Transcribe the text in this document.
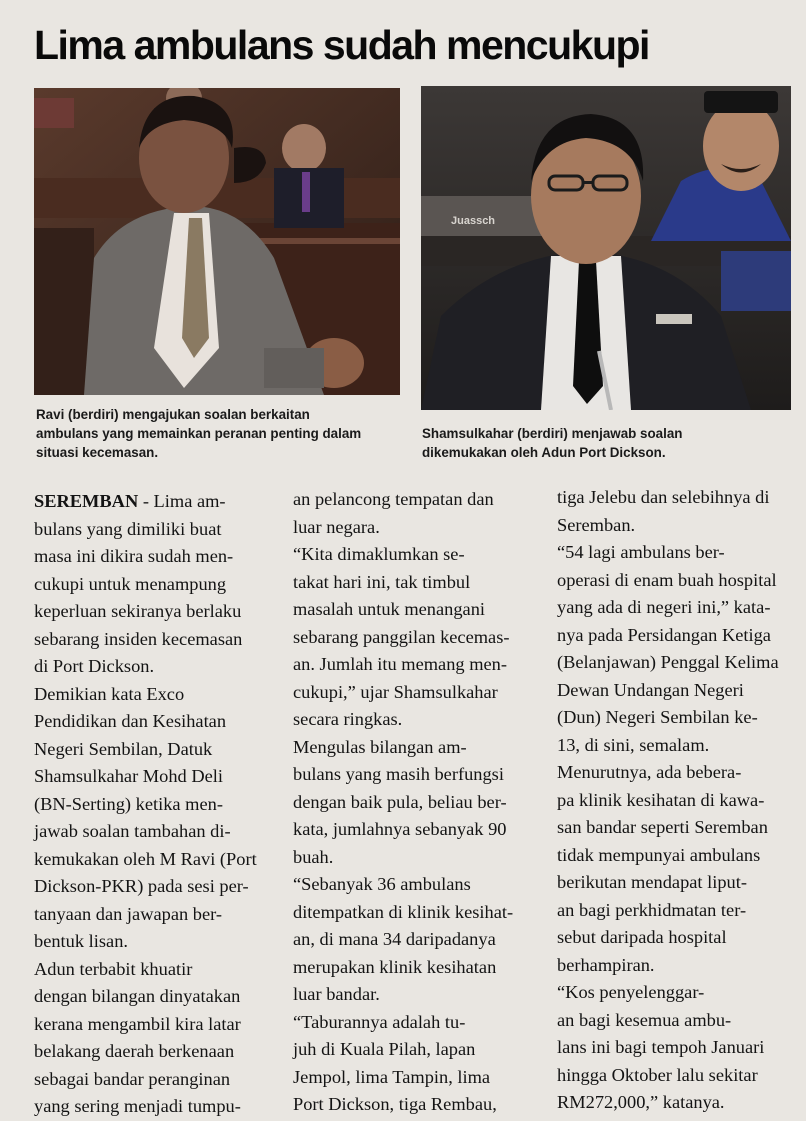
Lima ambulans sudah mencukupi
Juassch

Ravi (berdiri) mengajukan soalan berkaitan
ambulans yang memainkan peranan penting dalam
situasi kecemasan.

Shamsulkahar (berdiri) menjawab soalan
dikemukakan oleh Adun Port Dickson.

SEREMBAN - Lima am-
bulans yang dimiliki buat
masa ini dikira sudah men-
cukupi untuk menampung
keperluan sekiranya berlaku
sebarang insiden kecemasan
di Port Dickson.

Demikian kata Exco
Pendidikan dan Kesihatan
Negeri Sembilan, Datuk
Shamsulkahar Mohd Deli
(BN-Serting) ketika men-
jawab soalan tambahan di-
kemukakan oleh M Ravi (Port
Dickson-PKR) pada sesi per-
tanyaan dan jawapan ber-
bentuk lisan.

Adun terbabit khuatir
dengan bilangan dinyatakan
kerana mengambil kira latar
belakang daerah berkenaan
sebagai bandar peranginan
yang sering menjadi tumpu-

an pelancong tempatan dan
luar negara.

“Kita dimaklumkan se-
takat hari ini, tak timbul
masalah untuk menangani
sebarang panggilan kecemas-
an. Jumlah itu memang men-
cukupi,” ujar Shamsulkahar
secara ringkas.

Mengulas bilangan am-
bulans yang masih berfungsi
dengan baik pula, beliau ber-
kata, jumlahnya sebanyak 90
buah.

“Sebanyak 36 ambulans
ditempatkan di klinik kesihat-
an, di mana 34 daripadanya
merupakan klinik kesihatan
luar bandar.

“Taburannya adalah tu-
juh di Kuala Pilah, lapan
Jempol, lima Tampin, lima
Port Dickson, tiga Rembau,

tiga Jelebu dan selebihnya di
Seremban.

“54 lagi ambulans ber-
operasi di enam buah hospital
yang ada di negeri ini,” kata-
nya pada Persidangan Ketiga
(Belanjawan) Penggal Kelima
Dewan Undangan Negeri
(Dun) Negeri Sembilan ke-
13, di sini, semalam.

Menurutnya, ada bebera-
pa klinik kesihatan di kawa-
san bandar seperti Seremban
tidak mempunyai ambulans
berikutan mendapat liput-
an bagi perkhidmatan ter-
sebut daripada hospital
berhampiran.

“Kos penyelenggar-
an bagi kesemua ambu-
lans ini bagi tempoh Januari
hingga Oktober lalu sekitar
RM272,000,” katanya.
